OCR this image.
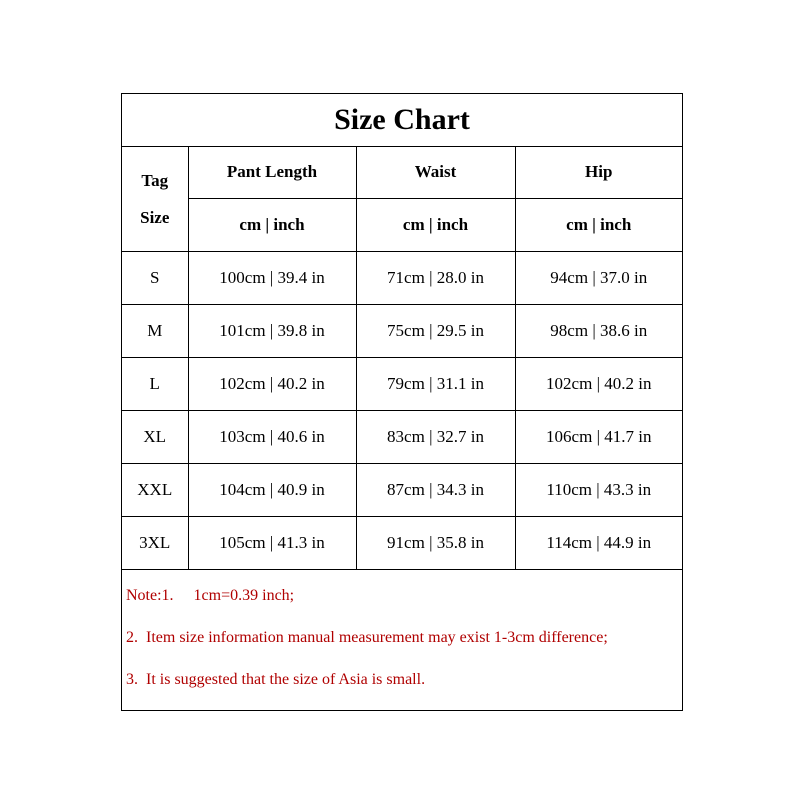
Size Chart
Tag
Size	Pant Length	Waist	Hip
	cm | inch	cm | inch	cm | inch
S	100cm | 39.4 in	71cm | 28.0 in	94cm | 37.0 in
M	101cm | 39.8 in	75cm | 29.5 in	98cm | 38.6 in
L	102cm | 40.2 in	79cm | 31.1 in	102cm | 40.2 in
XL	103cm | 40.6 in	83cm | 32.7 in	106cm | 41.7 in
XXL	104cm | 40.9 in	87cm | 34.3 in	110cm | 43.3 in
3XL	105cm | 41.3 in	91cm | 35.8 in	114cm | 44.9 in
Note:1.     1cm=0.39 inch;
2.  Item size information manual measurement may exist 1-3cm difference;
3.  It is suggested that the size of Asia is small.
